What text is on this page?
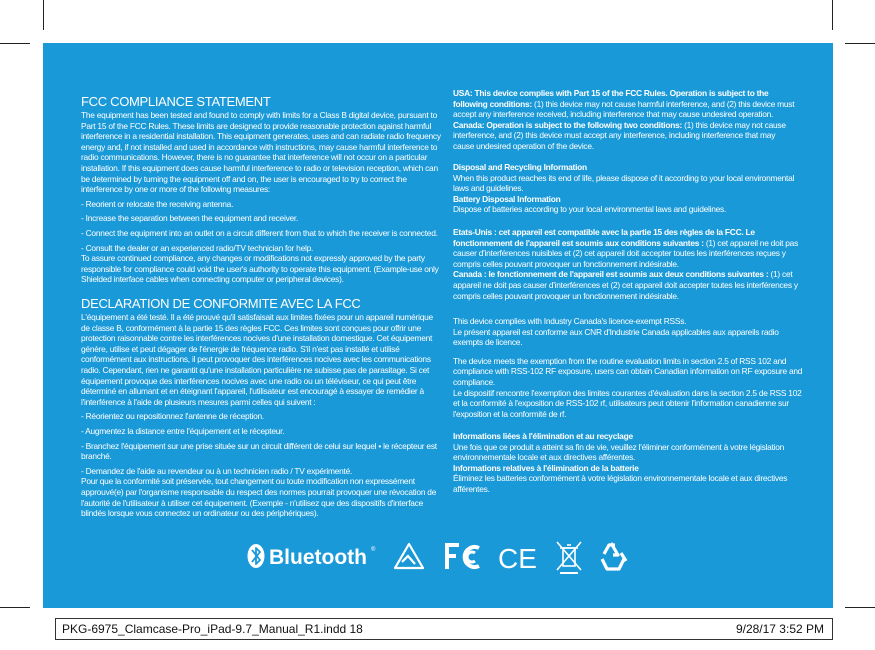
FCC COMPLIANCE STATEMENT

The equipment has been tested and found to comply with limits for a Class B digital device, pursuant to Part 15 of the FCC Rules. These limits are designed to provide reasonable protection against harmful interference in a residential installation. This equipment generates, uses and can radiate radio frequency energy and, if not installed and used in accordance with instructions, may cause harmful interference to radio communications. However, there is no guarantee that interference will not occur on a particular installation. If this equipment does cause harmful interference to radio or television reception, which can be determined by turning the equipment off and on, the user is encouraged to try to correct the interference by one or more of the following measures:

- Reorient or relocate the receiving antenna.

- Increase the separation between the equipment and receiver.

- Connect the equipment into an outlet on a circuit different from that to which the receiver is connected.

- Consult the dealer or an experienced radio/TV technician for help.

To assure continued compliance, any changes or modifications not expressly approved by the party responsible for compliance could void the user's authority to operate this equipment. (Example-use only Shielded interface cables when connecting computer or peripheral devices).

DECLARATION DE CONFORMITE AVEC LA FCC

L'équipement a été testé. Il a été prouvé qu'il satisfaisait aux limites fixées pour un appareil numérique de classe B, conformément à la partie 15 des règles FCC. Ces limites sont conçues pour offrir une protection raisonnable contre les interférences nocives d'une installation domestique. Cet équipement génère, utilise et peut dégager de l'énergie de fréquence radio. S'il n'est pas installé et utilisé conformément aux instructions, il peut provoquer des interférences nocives avec les communications radio. Cependant, rien ne garantit qu'une installation particulière ne subisse pas de parasitage. Si cet équipement provoque des interférences nocives avec une radio ou un téléviseur, ce qui peut être déterminé en allumant et en éteignant l'appareil, l'utilisateur est encouragé à essayer de remédier à l'interférence à l'aide de plusieurs mesures parmi celles qui suivent :

- Réorientez ou repositionnez l'antenne de réception.

- Augmentez la distance entre l'équipement et le récepteur.

- Branchez l'équipement sur une prise située sur un circuit différent de celui sur lequel • le récepteur est branché.

- Demandez de l'aide au revendeur ou à un technicien radio / TV expérimenté.

Pour que la conformité soit préservée, tout changement ou toute modification non expressément approuvé(e) par l'organisme responsable du respect des normes pourrait provoquer une révocation de l'autorité de l'utilisateur à utiliser cet équipement. (Exemple - n'utilisez que des dispositifs d'interface blindés lorsque vous connectez un ordinateur ou des périphériques).

USA: This device complies with Part 15 of the FCC Rules. Operation is subject to the following conditions: (1) this device may not cause harmful interference, and (2) this device must accept any interference received, including interference that may cause undesired operation.

Canada: Operation is subject to the following two conditions: (1) this device may not cause interference, and (2) this device must accept any interference, including interference that may cause undesired operation of the device.

Disposal and Recycling Information

When this product reaches its end of life, please dispose of it according to your local environmental laws and guidelines.

Battery Disposal Information

Dispose of batteries according to your local environmental laws and guidelines.

Etats-Unis : cet appareil est compatible avec la partie 15 des règles de la FCC. Le fonctionnement de l'appareil est soumis aux conditions suivantes : (1) cet appareil ne doit pas causer d'interférences nuisibles et (2) cet appareil doit accepter toutes les interférences reçues y compris celles pouvant provoquer un fonctionnement indésirable.

Canada : le fonctionnement de l'appareil est soumis aux deux conditions suivantes : (1) cet appareil ne doit pas causer d'interférences et (2) cet appareil doit accepter toutes les interférences y compris celles pouvant provoquer un fonctionnement indésirable.

This device complies with Industry Canada's licence-exempt RSSs.

Le présent appareil est conforme aux CNR d'Industrie Canada applicables aux appareils radio exempts de licence.

The device meets the exemption from the routine evaluation limits in section 2.5 of RSS 102 and compliance with RSS-102 RF exposure, users can obtain Canadian information on RF exposure and compliance.

Le dispositif rencontre l'exemption des limites courantes d'évaluation dans la section 2.5 de RSS 102 et la conformité à l'exposition de RSS-102 rf, utilisateurs peut obtenir l'information canadienne sur l'exposition et la conformité de rf.

Informations liées à l'élimination et au recyclage

Une fois que ce produit a atteint sa fin de vie, veuillez l'éliminer conformément à votre législation environnementale locale et aux directives afférentes.

Informations relatives à l'élimination de la batterie

Éliminez les batteries conformément à votre législation environnementale locale et aux directives afférentes.

Bluetooth ®	CE
PKG-6975_Clamcase-Pro_iPad-9.7_Manual_R1.indd 18	9/28/17 3:52 PM
